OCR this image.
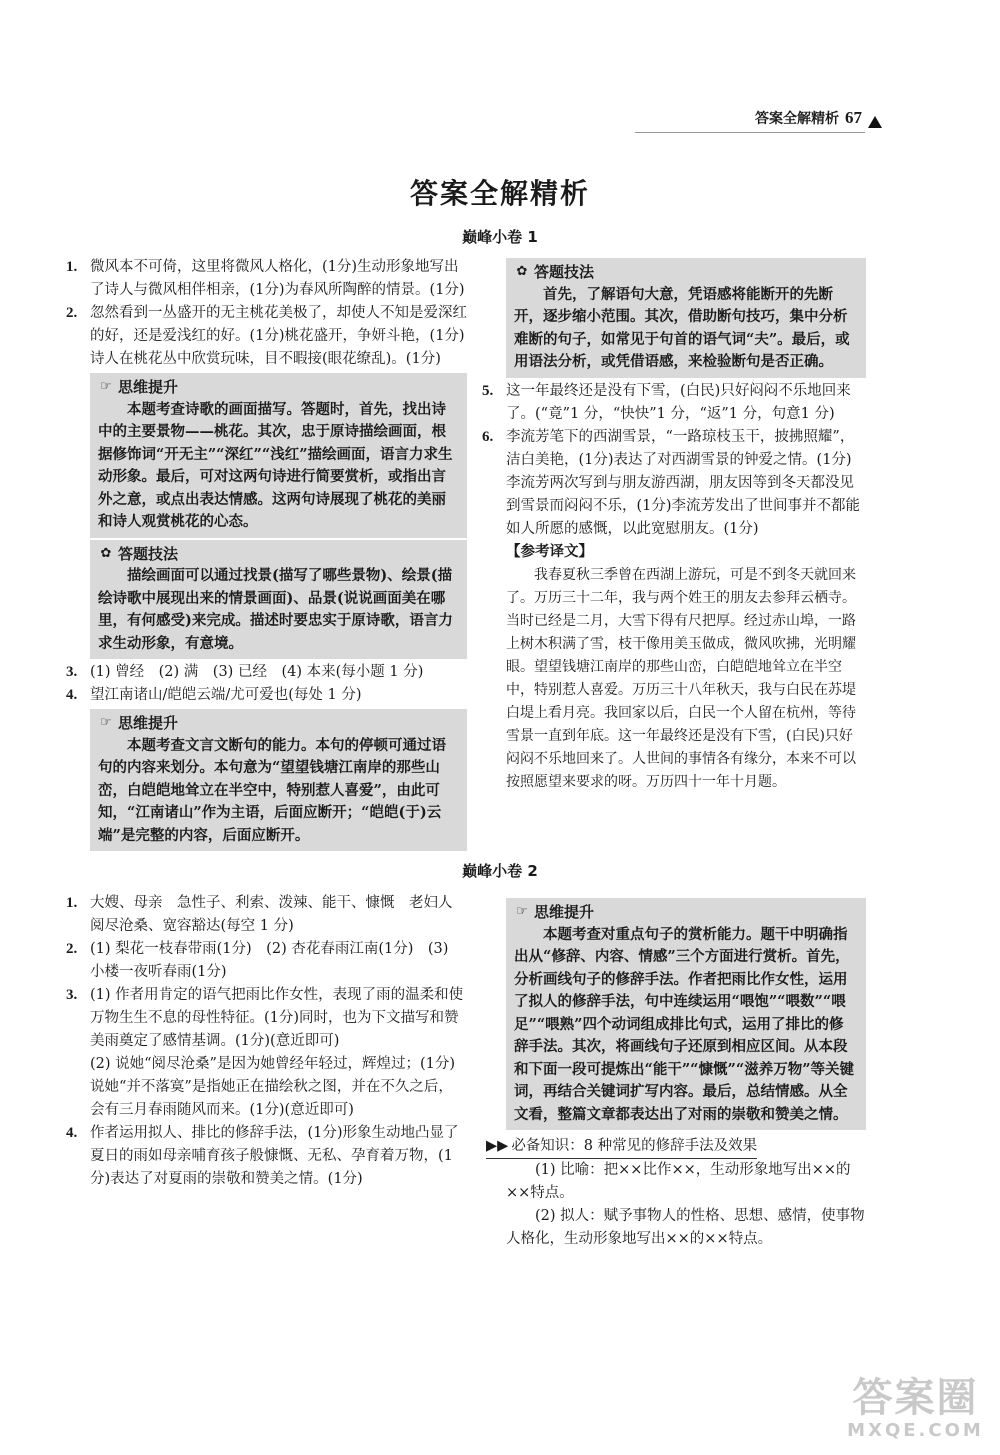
答案全解精析 67
答案全解精析
巅峰小卷 1
1. 微风本不可倚，这里将微风人格化，(1分)生动形象地写出了诗人与微风相伴相亲，(1分)为春风所陶醉的情景。(1分)
2. 忽然看到一丛盛开的无主桃花美极了，却使人不知是爱深红的好，还是爱浅红的好。(1分)桃花盛开，争妍斗艳，(1分)诗人在桃花丛中欣赏玩味，目不暇接(眼花缭乱)。(1分)
☞ 思维提升
本题考查诗歌的画面描写。答题时，首先，找出诗中的主要景物——桃花。其次，忠于原诗描绘画面，根据修饰词“开无主”“深红”“浅红”描绘画面，语言力求生动形象。最后，可对这两句诗进行简要赏析，或指出言外之意，或点出表达情感。这两句诗展现了桃花的美丽和诗人观赏桃花的心态。
✿ 答题技法
描绘画面可以通过找景(描写了哪些景物)、绘景(描绘诗歌中展现出来的情景画面)、品景(说说画面美在哪里，有何感受)来完成。描述时要忠实于原诗歌，语言力求生动形象，有意境。
3. (1) 曾经　(2) 满　(3) 已经　(4) 本来(每小题 1 分)
4. 望江南诸山/皑皑云端/尤可爱也(每处 1 分)
☞ 思维提升
本题考查文言文断句的能力。本句的停顿可通过语句的内容来划分。本句意为“望望钱塘江南岸的那些山峦，白皑皑地耸立在半空中，特别惹人喜爱”，由此可知，“江南诸山”作为主语，后面应断开；“皑皑(于)云端”是完整的内容，后面应断开。
✿ 答题技法
首先，了解语句大意，凭语感将能断开的先断开，逐步缩小范围。其次，借助断句技巧，集中分析难断的句子，如常见于句首的语气词“夫”。最后，或用语法分析，或凭借语感，来检验断句是否正确。
5. 这一年最终还是没有下雪，(白民)只好闷闷不乐地回来了。(“竟”1 分，“快快”1 分，“返”1 分，句意1 分)
6. 李流芳笔下的西湖雪景，“一路琼枝玉干，披拂照耀”，洁白美艳，(1分)表达了对西湖雪景的钟爱之情。(1分)李流芳两次写到与朋友游西湖，朋友因等到冬天都没见到雪景而闷闷不乐，(1分)李流芳发出了世间事并不都能如人所愿的感慨，以此宽慰朋友。(1分)
【参考译文】
我春夏秋三季曾在西湖上游玩，可是不到冬天就回来了。万历三十二年，我与两个姓王的朋友去参拜云栖寺。当时已经是二月，大雪下得有尺把厚。经过赤山埠，一路上树木积满了雪，枝干像用美玉做成，微风吹拂，光明耀眼。望望钱塘江南岸的那些山峦，白皑皑地耸立在半空中，特别惹人喜爱。万历三十八年秋天，我与白民在苏堤白堤上看月亮。我回家以后，白民一个人留在杭州，等待雪景一直到年底。这一年最终还是没有下雪，(白民)只好闷闷不乐地回来了。人世间的事情各有缘分，本来不可以按照愿望来要求的呀。万历四十一年十月题。
巅峰小卷 2
1. 大嫂、母亲　急性子、利索、泼辣、能干、慷慨　老妇人　阅尽沧桑、宽容豁达(每空 1 分)
2. (1) 梨花一枝春带雨(1分)　(2) 杏花春雨江南(1分)　(3) 小楼一夜听春雨(1分)
3. (1) 作者用肯定的语气把雨比作女性，表现了雨的温柔和使万物生生不息的母性特征。(1分)同时，也为下文描写和赞美雨奠定了感情基调。(1分)(意近即可)
(2) 说她“阅尽沧桑”是因为她曾经年轻过，辉煌过；(1分)说她“并不落寞”是指她正在描绘秋之图，并在不久之后，会有三月春雨随风而来。(1分)(意近即可)
4. 作者运用拟人、排比的修辞手法，(1分)形象生动地凸显了夏日的雨如母亲哺育孩子般慷慨、无私、孕育着万物，(1分)表达了对夏雨的崇敬和赞美之情。(1分)
☞ 思维提升
本题考查对重点句子的赏析能力。题干中明确指出从“修辞、内容、情感”三个方面进行赏析。首先，分析画线句子的修辞手法。作者把雨比作女性，运用了拟人的修辞手法，句中连续运用“喂饱”“喂数”“喂足”“喂熟”四个动词组成排比句式，运用了排比的修辞手法。其次，将画线句子还原到相应区间。从本段和下面一段可提炼出“能干”“慷慨”“滋养万物”等关键词，再结合关键词扩写内容。最后，总结情感。从全文看，整篇文章都表达出了对雨的崇敬和赞美之情。
▶▶ 必备知识：8 种常见的修辞手法及效果
(1) 比喻：把××比作××，生动形象地写出××的××特点。
(2) 拟人：赋予事物人的性格、思想、感情，使事物人格化，生动形象地写出××的××特点。
答案圈
MXQE.COM
